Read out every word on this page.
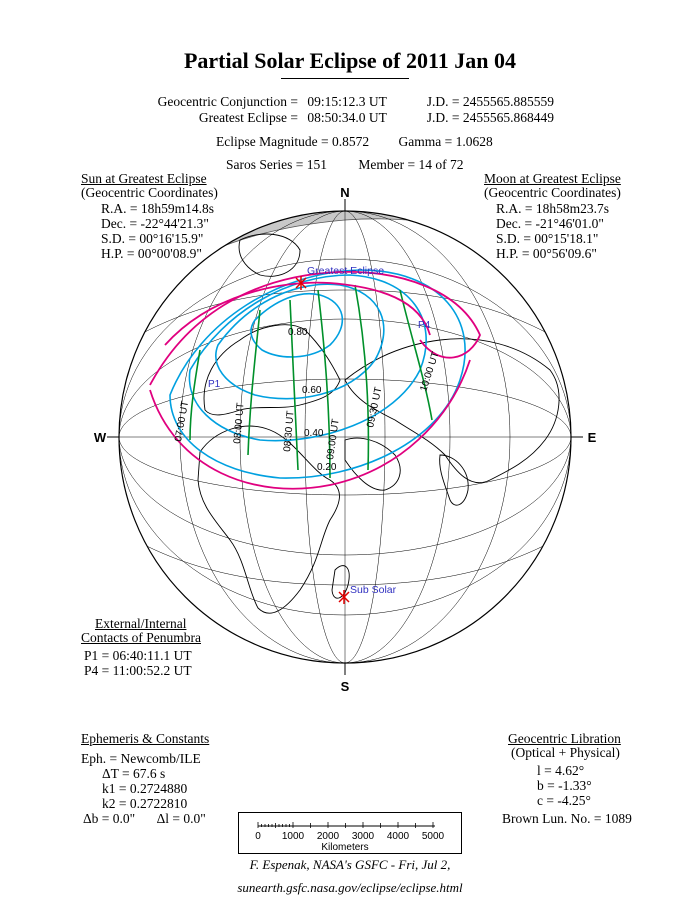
Partial Solar Eclipse of 2011 Jan 04
Geocentric Conjunction = 09:15:12.3 UT	J.D. = 2455565.885559
Greatest Eclipse = 08:50:34.0 UT	J.D. = 2455565.868449
Eclipse Magnitude = 0.8572 Gamma = 1.0628
Saros Series = 151 Member = 14 of 72
Sun at Greatest Eclipse
(Geocentric Coordinates)
R.A. = 18h59m14.8s
Dec. = -22°44'21.3"
S.D. = 00°16'15.9"
H.P. = 00°00'08.9"
Moon at Greatest Eclipse
(Geocentric Coordinates)
R.A. = 18h58m23.7s
Dec. = -21°46'01.0"
S.D. = 00°15'18.1"
H.P. = 00°56'09.6"
N
S
W	E
Greatest Eclipse
Sub Solar
P1
P4
0.80
0.60
0.40
0.20
07:00 UT	08:00 UT	08:30 UT	09:00 UT
09:30 UT
10:00 UT
External/Internal
Contacts of Penumbra
P1 = 06:40:11.1 UT
P4 = 11:00:52.2 UT
Ephemeris & Constants
Eph. = Newcomb/ILE
ΔT = 67.6 s
k1 = 0.2724880
k2 = 0.2722810
Δb = 0.0" Δl = 0.0"
Geocentric Libration
(Optical + Physical)
l = 4.62°
b = -1.33°
c = -4.25°
Brown Lun. No. = 1089
0 1000 2000 3000 4000 5000
Kilometers
F. Espenak, NASA's GSFC - Fri, Jul 2,
sunearth.gsfc.nasa.gov/eclipse/eclipse.html
